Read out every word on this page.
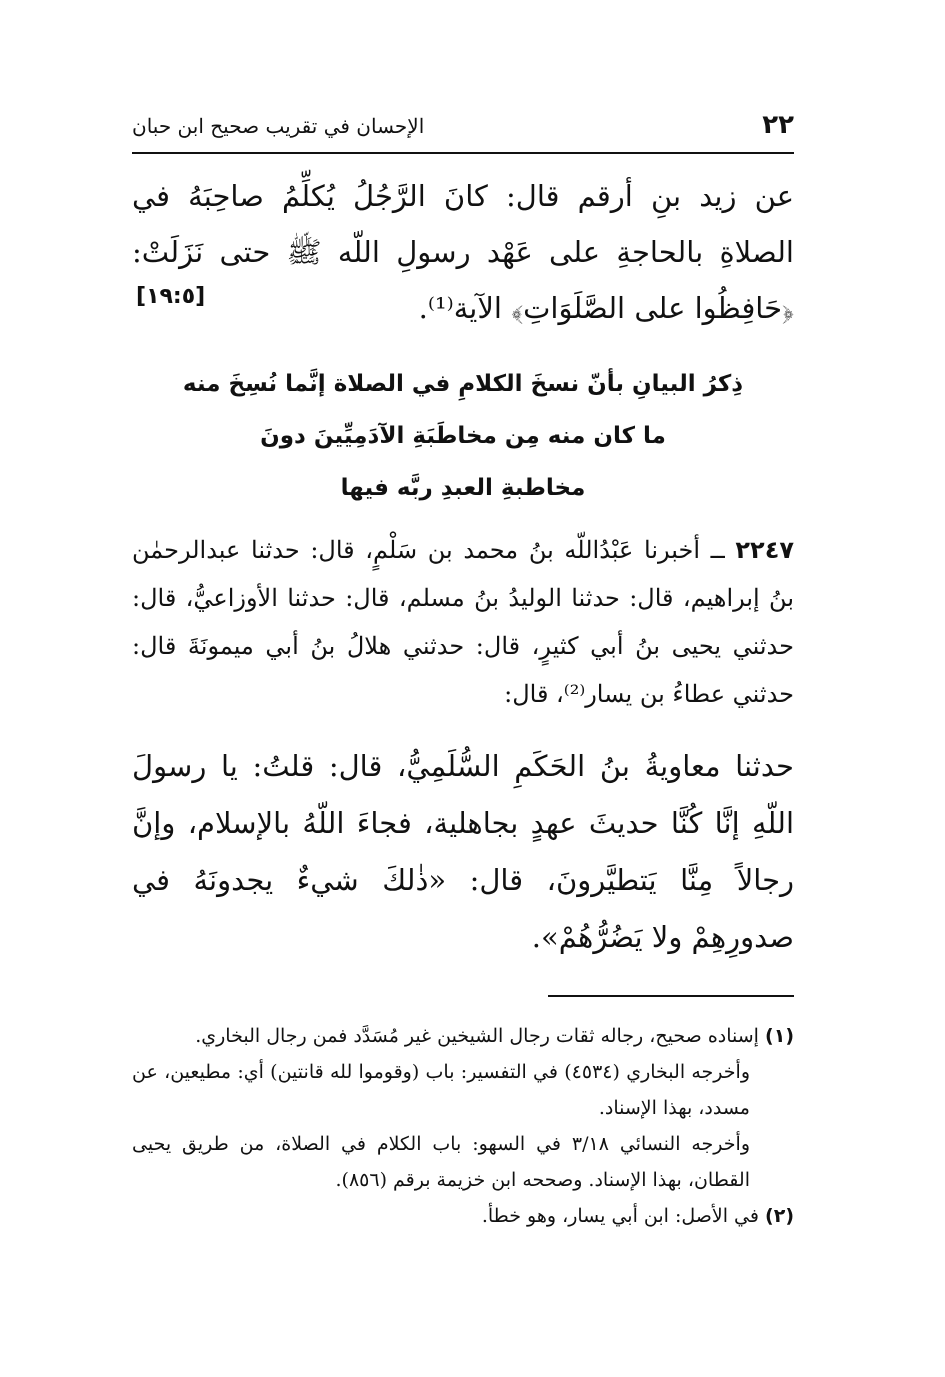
٢٢
الإحسان في تقريب صحيح ابن حبان
عن زيد بنِ أرقم قال: كانَ الرَّجُلُ يُكلِّمُ صاحِبَهُ في الصلاةِ بالحاجةِ على عَهْد رسولِ اللّه ﷺ حتى نَزَلَتْ: ﴿حَافِظُوا على الصَّلَوَاتِ﴾ الآية⁽¹⁾.
[١٩:٥]
ذِكرُ البيانِ بأنّ نسخَ الكلامِ في الصلاة إنَّما نُسِخَ منه
ما كان منه مِن مخاطَبَةِ الآدَمِيِّينَ دونَ
مخاطبةِ العبدِ ربَّه فيها
٢٢٤٧ ــ أخبرنا عَبْدُاللّه بنُ محمد بن سَلْمٍ، قال: حدثنا عبدالرحمٰن بنُ إبراهيم، قال: حدثنا الوليدُ بنُ مسلم، قال: حدثنا الأوزاعيُّ، قال: حدثني يحيى بنُ أبي كثيرٍ، قال: حدثني هلالُ بنُ أبي ميمونَةَ قال: حدثني عطاءُ بن يسار⁽²⁾، قال:
حدثنا معاويةُ بنُ الحَكَمِ السُّلَمِيُّ، قال: قلتُ: يا رسولَ اللّهِ إنَّا كُنَّا حديثَ عهدٍ بجاهلية، فجاءَ اللّهُ بالإسلام، وإنَّ رجالاً مِنَّا يَتطيَّرونَ، قال: «ذٰلكَ شيءٌ يجدونَهُ في صدورِهِمْ ولا يَضُرُّهُمْ».
(١) إسناده صحيح، رجاله ثقات رجال الشيخين غير مُسَدَّد فمن رجال البخاري.
وأخرجه البخاري (٤٥٣٤) في التفسير: باب (وقوموا لله قانتين) أي: مطيعين، عن مسدد، بهذا الإسناد.
وأخرجه النسائي ٣/١٨ في السهو: باب الكلام في الصلاة، من طريق يحيى القطان، بهذا الإسناد. وصححه ابن خزيمة برقم (٨٥٦).
(٢) في الأصل: ابن أبي يسار، وهو خطأ.
